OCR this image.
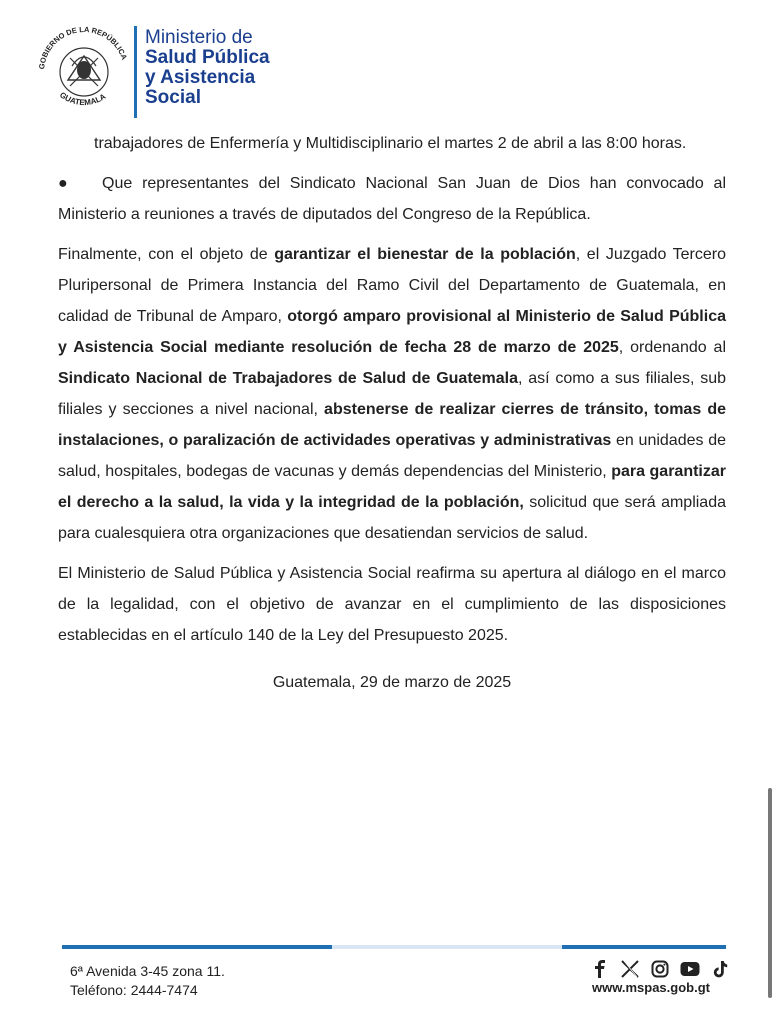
GOBIERNO DE LA REPÚBLICA
GUATEMALA
Ministerio de
Salud Pública
y Asistencia
Social

trabajadores de Enfermería y Multidisciplinario el martes 2 de abril a las 8:00 horas.

● Que representantes del Sindicato Nacional San Juan de Dios han convocado al Ministerio a reuniones a través de diputados del Congreso de la República.

Finalmente, con el objeto de garantizar el bienestar de la población, el Juzgado Tercero Pluripersonal de Primera Instancia del Ramo Civil del Departamento de Guatemala, en calidad de Tribunal de Amparo, otorgó amparo provisional al Ministerio de Salud Pública y Asistencia Social mediante resolución de fecha 28 de marzo de 2025, ordenando al Sindicato Nacional de Trabajadores de Salud de Guatemala, así como a sus filiales, sub filiales y secciones a nivel nacional, abstenerse de realizar cierres de tránsito, tomas de instalaciones, o paralización de actividades operativas y administrativas en unidades de salud, hospitales, bodegas de vacunas y demás dependencias del Ministerio, para garantizar el derecho a la salud, la vida y la integridad de la población, solicitud que será ampliada para cualesquiera otra organizaciones que desatiendan servicios de salud.

El Ministerio de Salud Pública y Asistencia Social reafirma su apertura al diálogo en el marco de la legalidad, con el objetivo de avanzar en el cumplimiento de las disposiciones establecidas en el artículo 140 de la Ley del Presupuesto 2025.

Guatemala, 29 de marzo de 2025

6ª Avenida 3-45 zona 11.
Teléfono: 2444-7474	www.mspas.gob.gt
